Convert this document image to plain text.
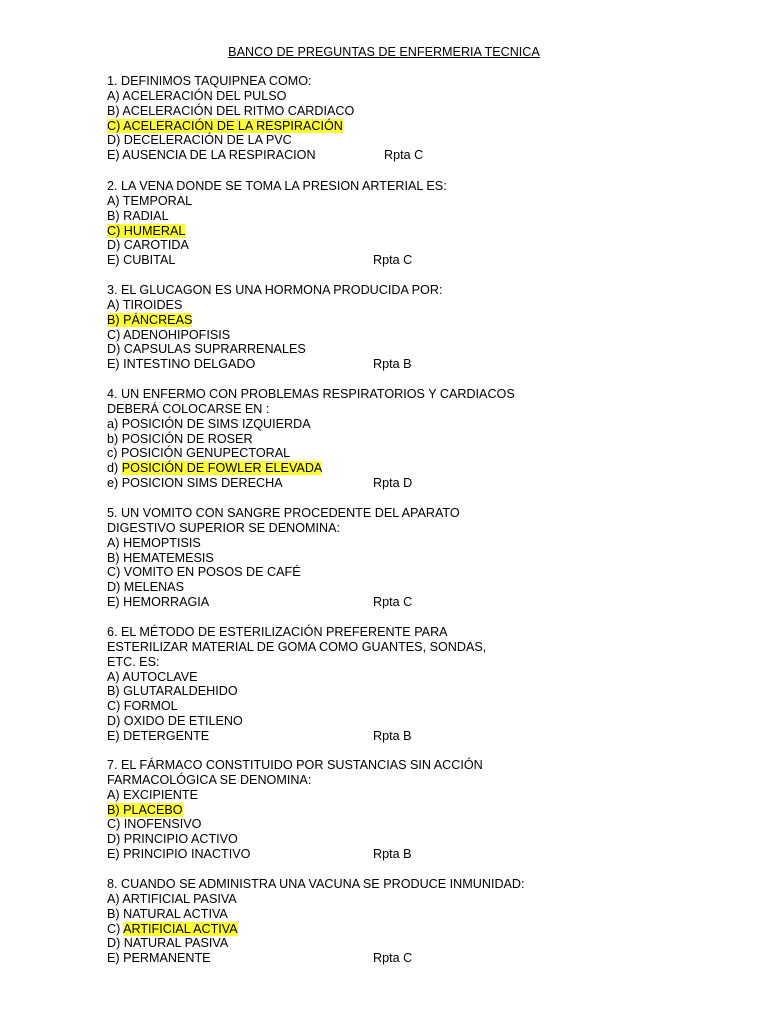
BANCO DE PREGUNTAS DE ENFERMERIA TECNICA
1. DEFINIMOS TAQUIPNEA COMO:
A) ACELERACIÓN DEL PULSO
B) ACELERACIÓN DEL RITMO CARDIACO
C) ACELERACIÓN DE LA RESPIRACIÓN
D) DECELERACIÓN DE LA PVC
E) AUSENCIA DE LA RESPIRACION	Rpta C
2. LA VENA DONDE SE TOMA LA PRESION ARTERIAL ES:
A) TEMPORAL
B) RADIAL
C) HUMERAL
D) CAROTIDA
E) CUBITAL	Rpta C
3. EL GLUCAGON ES UNA HORMONA PRODUCIDA POR:
A) TIROIDES
B) PÁNCREAS
C) ADENOHIPOFISIS
D) CAPSULAS SUPRARRENALES
E) INTESTINO DELGADO	Rpta B
4. UN ENFERMO CON PROBLEMAS RESPIRATORIOS Y CARDIACOS
DEBERÁ COLOCARSE EN :
a) POSICIÓN DE SIMS IZQUIERDA
b) POSICIÓN DE ROSER
c) POSICIÓN GENUPECTORAL
d) POSICIÓN DE FOWLER ELEVADA
e) POSICION SIMS DERECHA	Rpta D
5. UN VOMITO CON SANGRE PROCEDENTE DEL APARATO
DIGESTIVO SUPERIOR SE DENOMINA:
A) HEMOPTISIS
B) HEMATEMESIS
C) VOMITO EN POSOS DE CAFÉ
D) MELENAS
E) HEMORRAGIA	Rpta C
6. EL MÉTODO DE ESTERILIZACIÓN PREFERENTE PARA
ESTERILIZAR MATERIAL DE GOMA COMO GUANTES, SONDAS,
ETC. ES:
A) AUTOCLAVE
B) GLUTARALDEHIDO
C) FORMOL
D) OXIDO DE ETILENO
E) DETERGENTE	Rpta B
7. EL FÁRMACO CONSTITUIDO POR SUSTANCIAS SIN ACCIÓN
FARMACOLÓGICA SE DENOMINA:
A) EXCIPIENTE
B) PLACEBO
C) INOFENSIVO
D) PRINCIPIO ACTIVO
E) PRINCIPIO INACTIVO	Rpta B
8. CUANDO SE ADMINISTRA UNA VACUNA SE PRODUCE INMUNIDAD:
A) ARTIFICIAL PASIVA
B) NATURAL ACTIVA
C) ARTIFICIAL ACTIVA
D) NATURAL PASIVA
E) PERMANENTE	Rpta C
